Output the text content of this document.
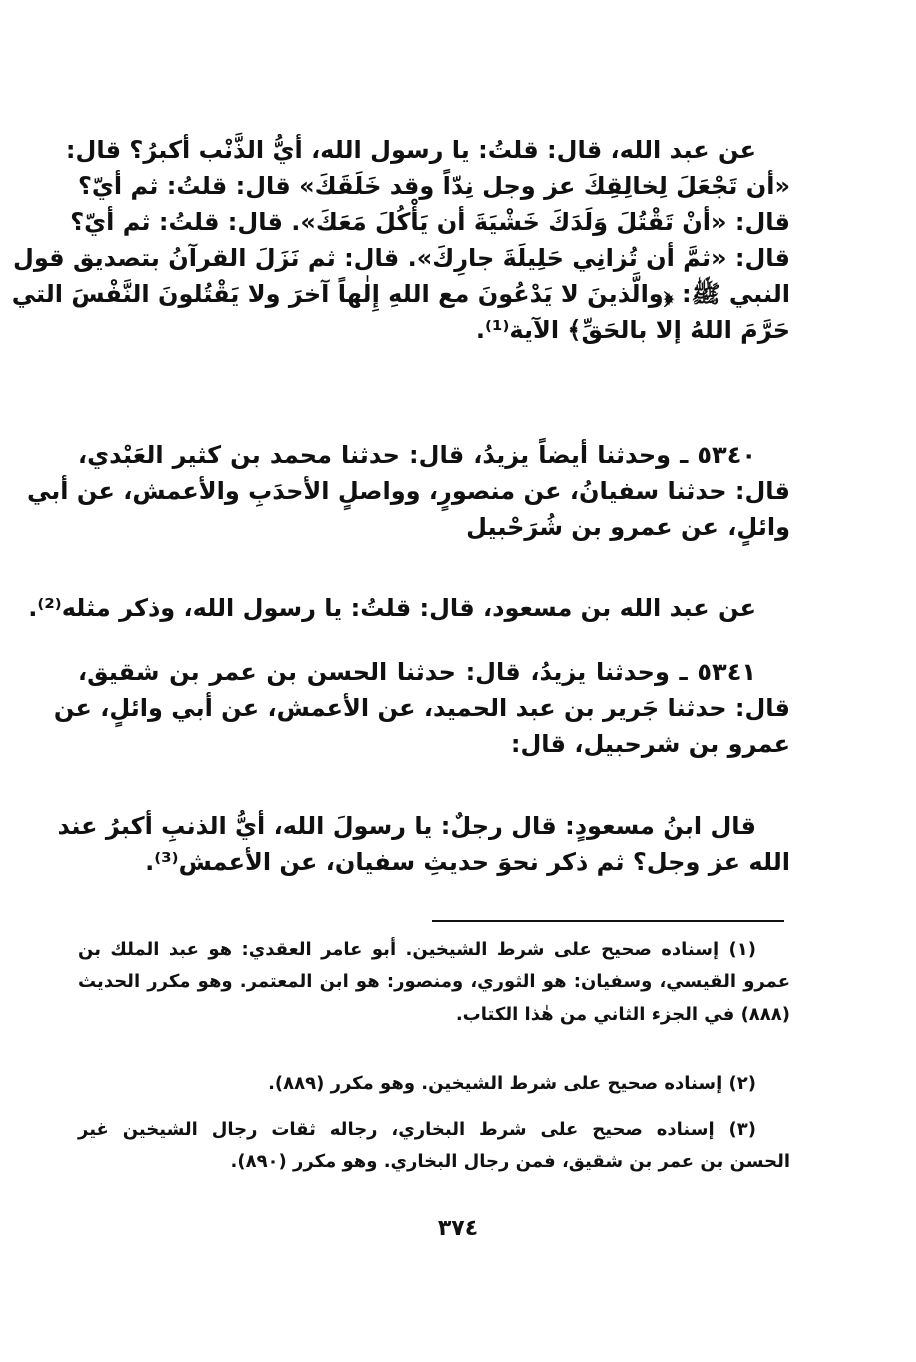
عن عبد الله، قال: قلتُ: يا رسول الله، أيُّ الذَّنْب أكبرُ؟ قال:
«أن تَجْعَلَ لِخالِقِكَ عز وجل نِدّاً وقد خَلَقَكَ» قال: قلتُ: ثم أيّ؟
قال: «أنْ تَقْتُلَ وَلَدَكَ خَشْيَةَ أن يَأْكُلَ مَعَكَ». قال: قلتُ: ثم أيّ؟
قال: «ثمَّ أن تُزانِي حَلِيلَةَ جارِكَ». قال: ثم نَزَلَ القرآنُ بتصديق قول
النبي ﷺ: ﴿والَّذينَ لا يَدْعُونَ مع اللهِ إِلٰهاً آخرَ ولا يَقْتُلونَ النَّفْسَ التي
حَرَّمَ اللهُ إلا بالحَقِّ﴾ الآية⁽¹⁾.
٥٣٤٠ ـ وحدثنا أيضاً يزيدُ، قال: حدثنا محمد بن كثير العَبْدي،
قال: حدثنا سفيانُ، عن منصورٍ، وواصلٍ الأحدَبِ والأعمش، عن أبي
وائلٍ، عن عمرو بن شُرَحْبيل
عن عبد الله بن مسعود، قال: قلتُ: يا رسول الله، وذكر مثله⁽²⁾.
٥٣٤١ ـ وحدثنا يزيدُ، قال: حدثنا الحسن بن عمر بن شقيق،
قال: حدثنا جَرير بن عبد الحميد، عن الأعمش، عن أبي وائلٍ، عن
عمرو بن شرحبيل، قال:
قال ابنُ مسعودٍ: قال رجلٌ: يا رسولَ الله، أيُّ الذنبِ أكبرُ عند
الله عز وجل؟ ثم ذكر نحوَ حديثِ سفيان، عن الأعمش⁽³⁾.
(١) إسناده صحيح على شرط الشيخين. أبو عامر العقدي: هو عبد الملك بن
عمرو القيسي، وسفيان: هو الثوري، ومنصور: هو ابن المعتمر. وهو مكرر الحديث
(٨٨٨) في الجزء الثاني من هٰذا الكتاب.
(٢) إسناده صحيح على شرط الشيخين. وهو مكرر (٨٨٩).
(٣) إسناده صحيح على شرط البخاري، رجاله ثقات رجال الشيخين غير
الحسن بن عمر بن شقيق، فمن رجال البخاري. وهو مكرر (٨٩٠).
٣٧٤
